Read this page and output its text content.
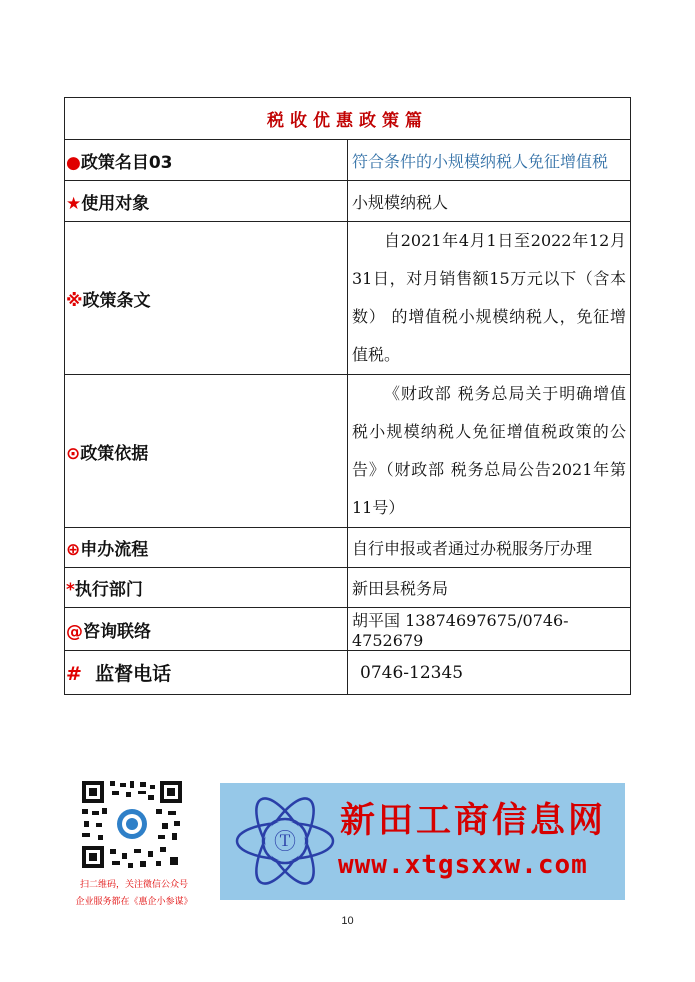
税收优惠政策篇	
●政策名目03	符合条件的小规模纳税人免征增值税
★使用对象	小规模纳税人
※政策条文	自2021年4月1日至2022年12月31日，对月销售额15万元以下（含本数） 的增值税小规模纳税人，免征增值税。
⊙政策依据	《财政部 税务总局关于明确增值税小规模纳税人免征增值税政策的公告》（财政部 税务总局公告2021年第11号）
⊕申办流程	自行申报或者通过办税服务厅办理
*执行部门	新田县税务局
@咨询联络	胡平国 13874697675/0746-4752679
# 监督电话	0746-12345
扫二维码，关注微信公众号
企业服务都在《惠企小参谋》
Ⓣ
新田工商信息网
www.xtgsxxw.com
10
